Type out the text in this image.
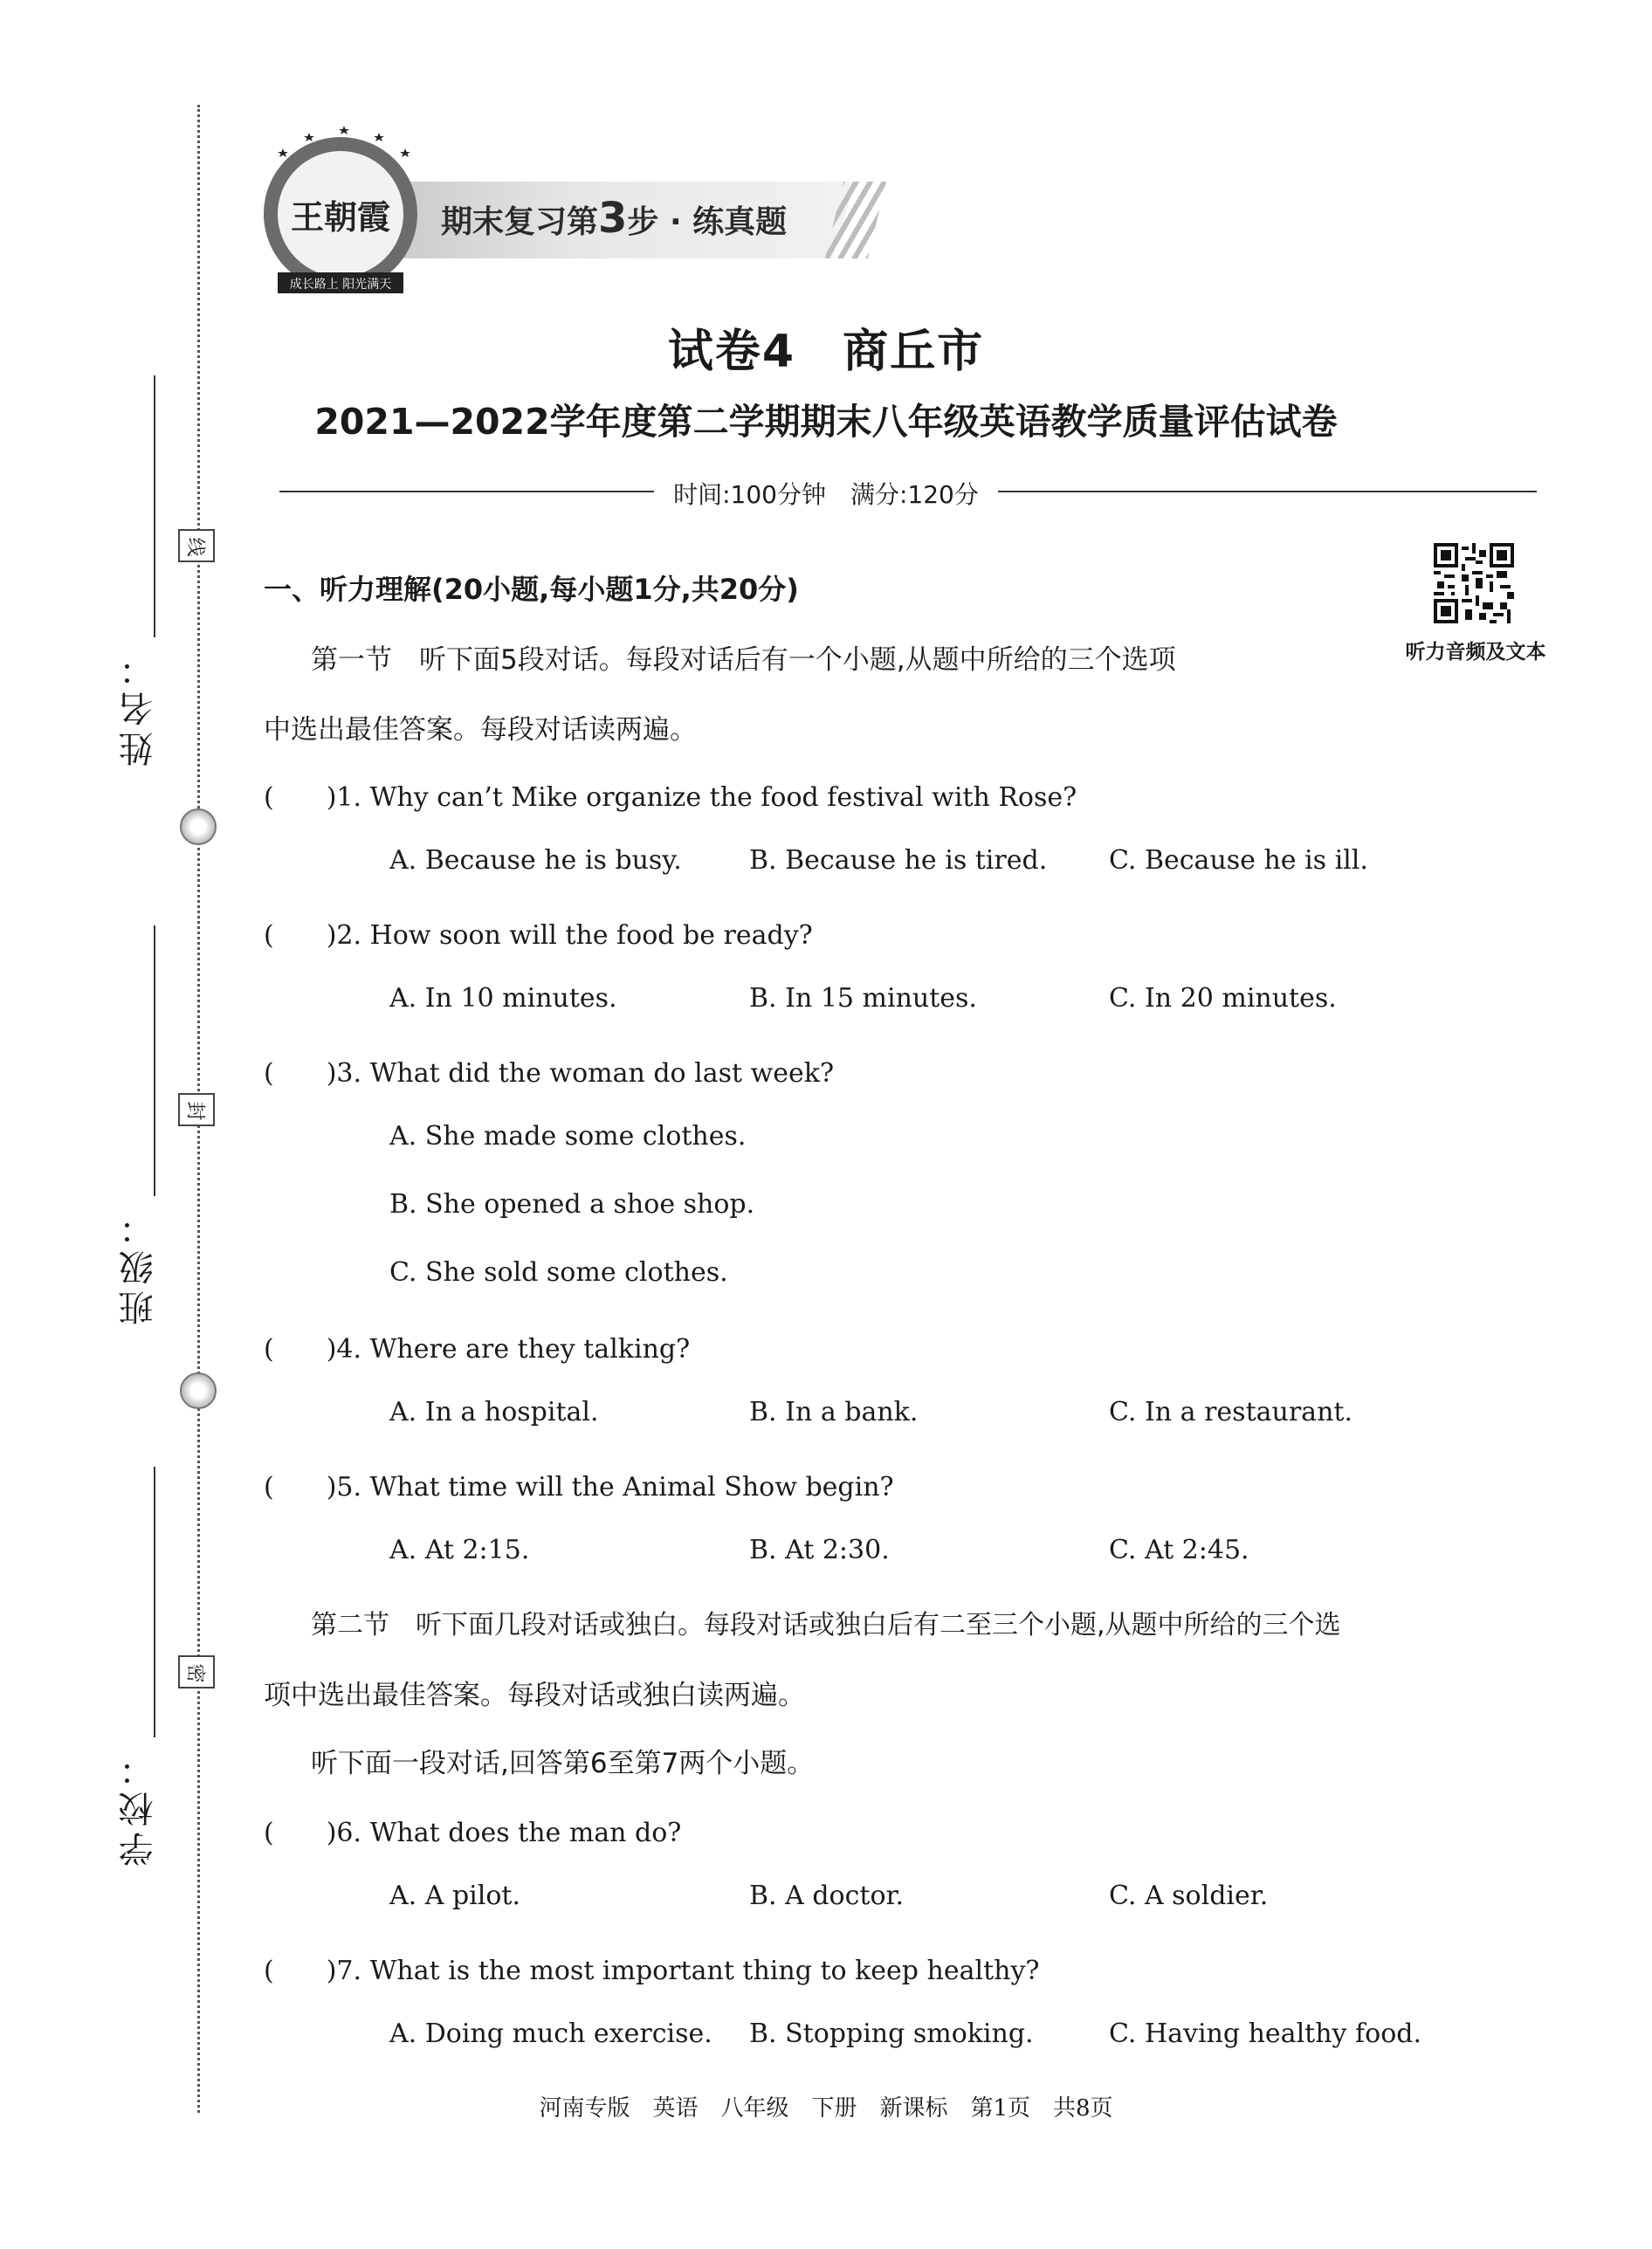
姓名：
班级：
学校：
线
封
密
期末复习第3步 · 练真题
王朝霞
成长路上 阳光满天
试卷4　商丘市
2021—2022学年度第二学期期末八年级英语教学质量评估试卷
时间:100分钟　满分:120分
听力音频及文本
一、听力理解(20小题,每小题1分,共20分)
第一节　听下面5段对话。每段对话后有一个小题,从题中所给的三个选项
中选出最佳答案。每段对话读两遍。
(　　)1. Why can’t Mike organize the food festival with Rose?
A. Because he is busy.	B. Because he is tired. C. Because he is ill.
(　　)2. How soon will the food be ready?
A. In 10 minutes.	B. In 15 minutes.	C. In 20 minutes.
(　　)3. What did the woman do last week?
A. She made some clothes.
B. She opened a shoe shop.
C. She sold some clothes.
(　　)4. Where are they talking?
A. In a hospital.	B. In a bank.	C. In a restaurant.
(　　)5. What time will the Animal Show begin?
A. At 2:15.	B. At 2:30.	C. At 2:45.
第二节　听下面几段对话或独白。每段对话或独白后有二至三个小题,从题中所给的三个选
项中选出最佳答案。每段对话或独白读两遍。
听下面一段对话,回答第6至第7两个小题。
(　　)6. What does the man do?
A. A pilot.	B. A doctor.	C. A soldier.
(　　)7. What is the most important thing to keep healthy?
A. Doing much exercise. B. Stopping smoking.	C. Having healthy food.
河南专版　英语　八年级　下册　新课标　第1页　共8页
